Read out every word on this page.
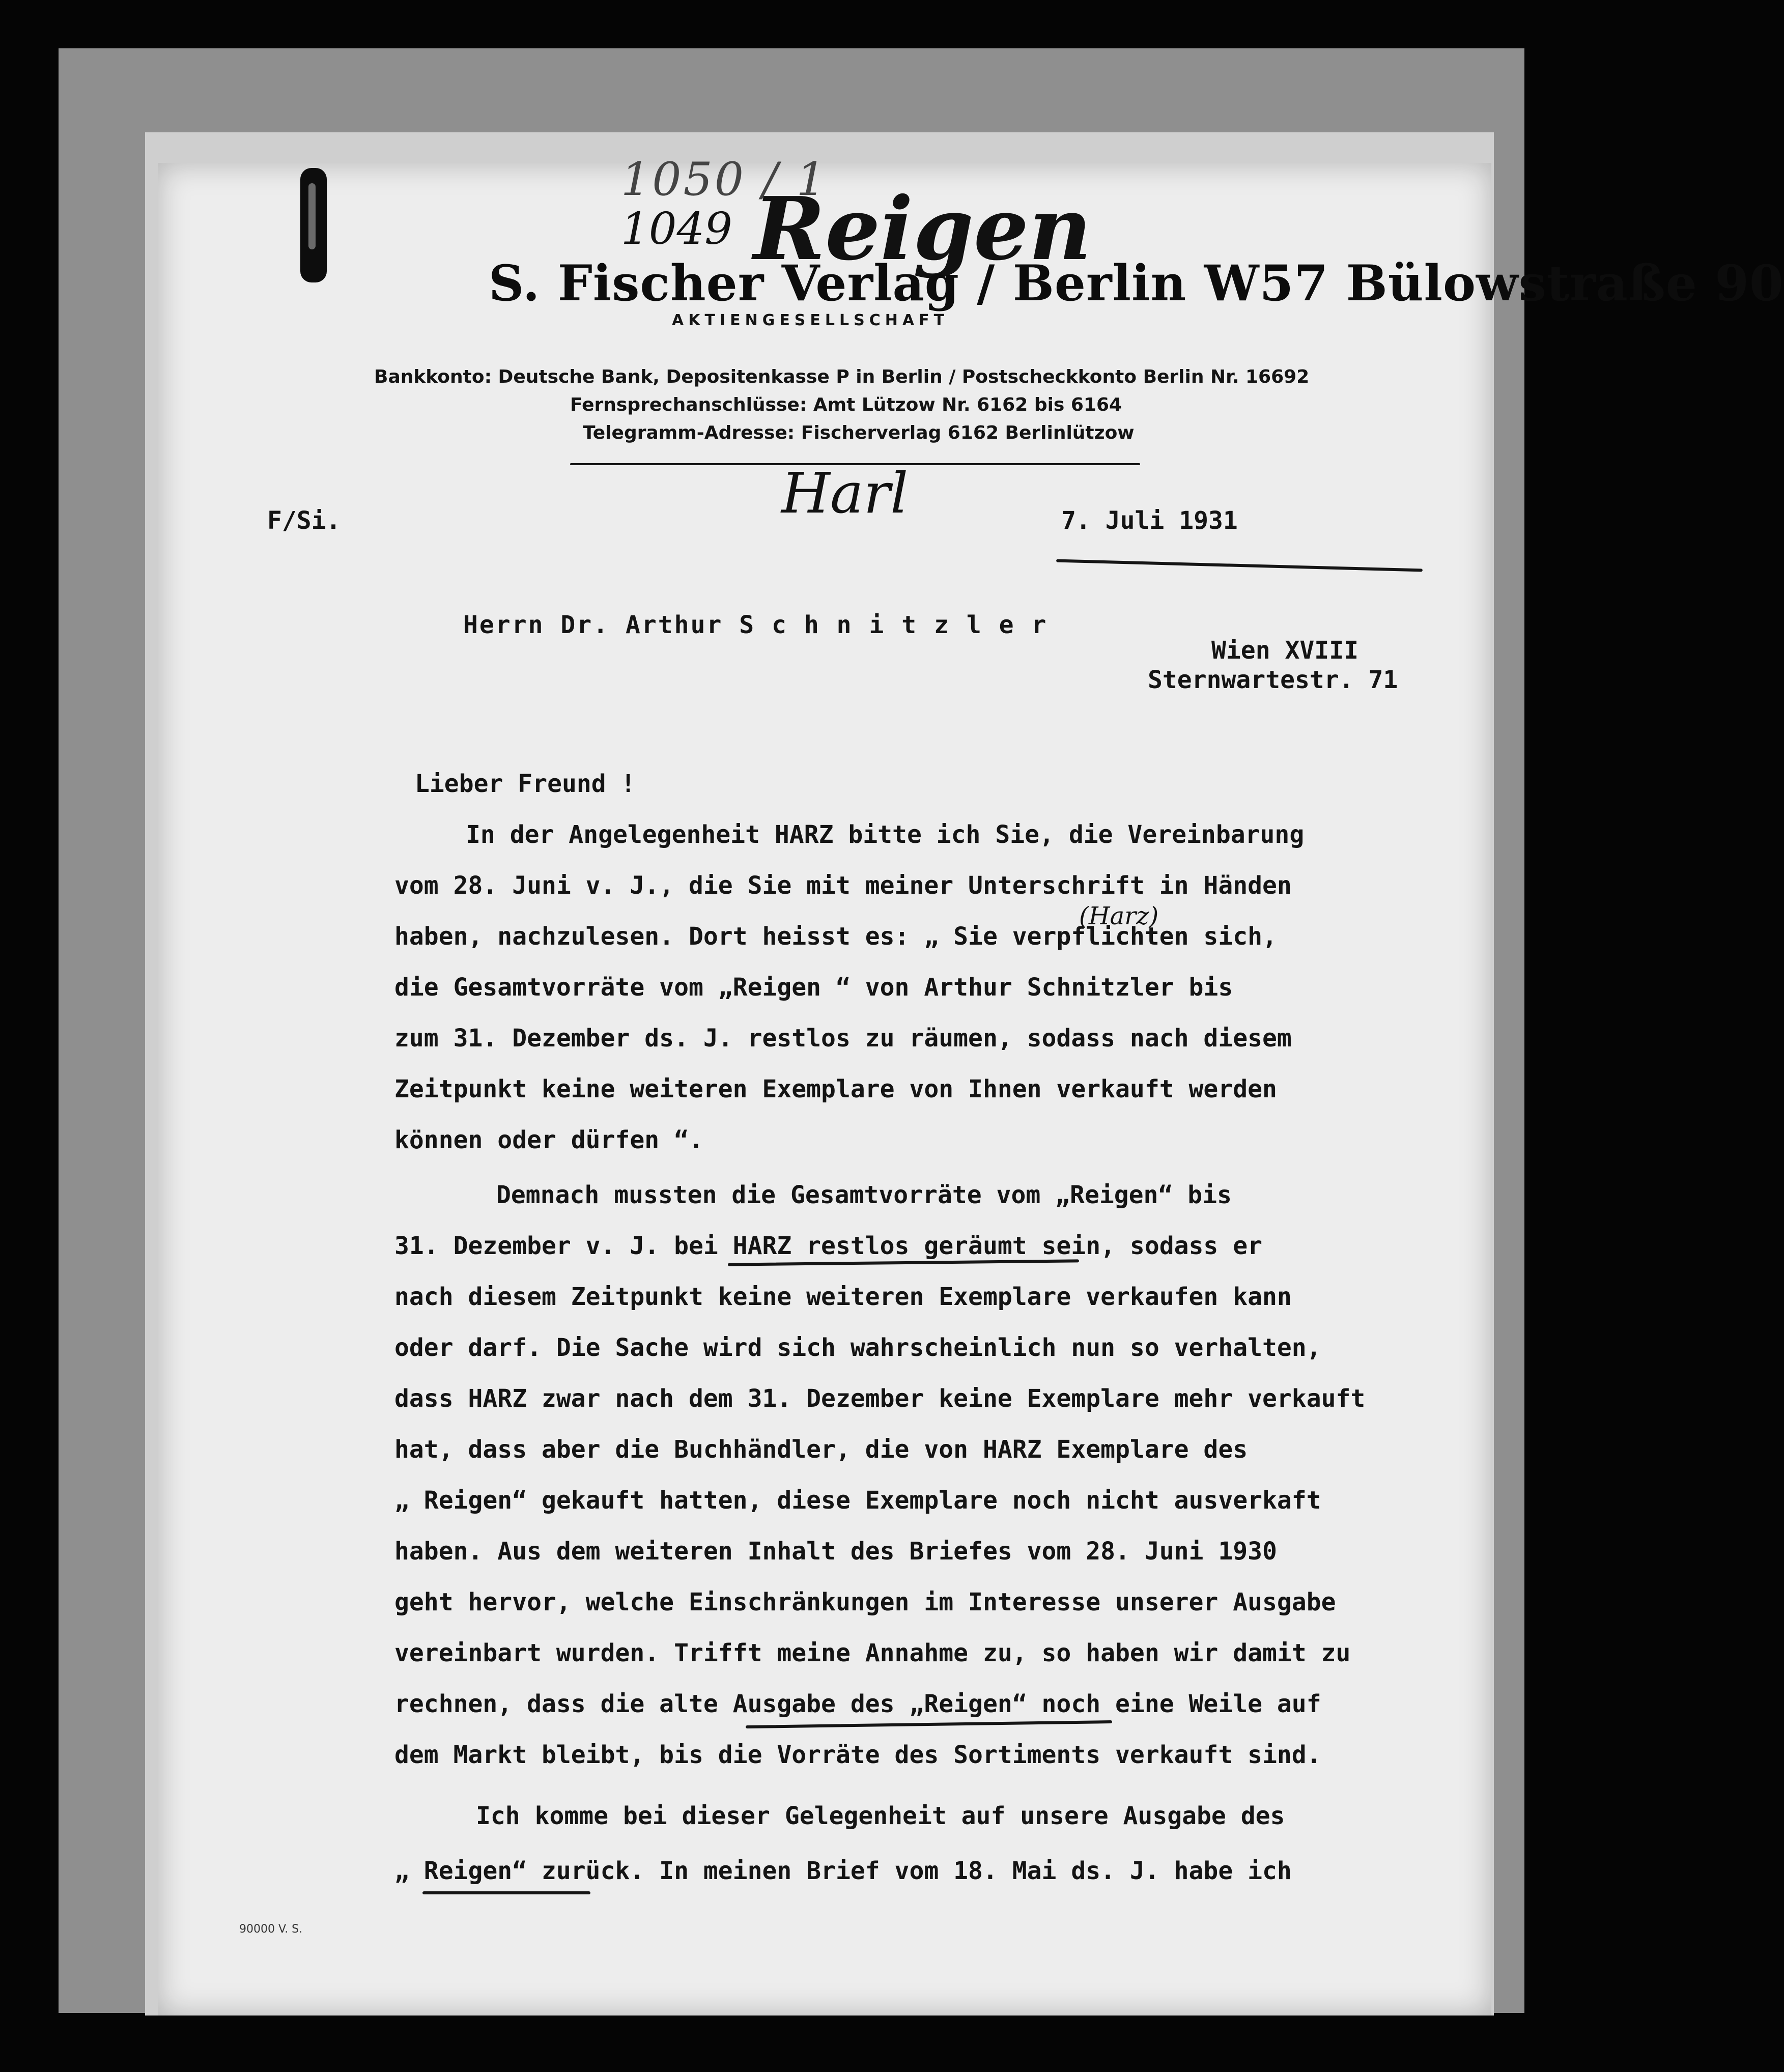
1050 / 1
1049 Reigen
S. Fischer Verlag / Berlin W57 Bülowstraße 90
AKTIENGESELLSCHAFT
Bankkonto: Deutsche Bank, Depositenkasse P in Berlin / Postscheckkonto Berlin Nr. 16692
Fernsprechanschlüsse: Amt Lützow Nr. 6162 bis 6164
Telegramm-Adresse: Fischerverlag 6162 Berlinlützow
F/Si.	Harl	7. Juli 1931
Herrn Dr. Arthur S c h n i t z l e r
Wien XVIII
Sternwartestr. 71
Lieber Freund !
(Harz)
In der Angelegenheit HARZ bitte ich Sie, die Vereinbarung
vom 28. Juni v. J., die Sie mit meiner Unterschrift in Händen
haben, nachzulesen. Dort heisst es: „ Sie verpflichten sich,
die Gesamtvorräte vom „Reigen “ von Arthur Schnitzler bis
zum 31. Dezember ds. J. restlos zu räumen, sodass nach diesem
Zeitpunkt keine weiteren Exemplare von Ihnen verkauft werden
können oder dürfen “.
Demnach mussten die Gesamtvorräte vom „Reigen“ bis
31. Dezember v. J. bei HARZ restlos geräumt sein, sodass er
nach diesem Zeitpunkt keine weiteren Exemplare verkaufen kann
oder darf. Die Sache wird sich wahrscheinlich nun so verhalten,
dass HARZ zwar nach dem 31. Dezember keine Exemplare mehr verkauft
hat, dass aber die Buchhändler, die von HARZ Exemplare des
„ Reigen“ gekauft hatten, diese Exemplare noch nicht ausverkaft
haben. Aus dem weiteren Inhalt des Briefes vom 28. Juni 1930
geht hervor, welche Einschränkungen im Interesse unserer Ausgabe
vereinbart wurden. Trifft meine Annahme zu, so haben wir damit zu
rechnen, dass die alte Ausgabe des „Reigen“ noch eine Weile auf
dem Markt bleibt, bis die Vorräte des Sortiments verkauft sind.
Ich komme bei dieser Gelegenheit auf unsere Ausgabe des
„ Reigen“ zurück. In meinen Brief vom 18. Mai ds. J. habe ich
90000 V. S.
